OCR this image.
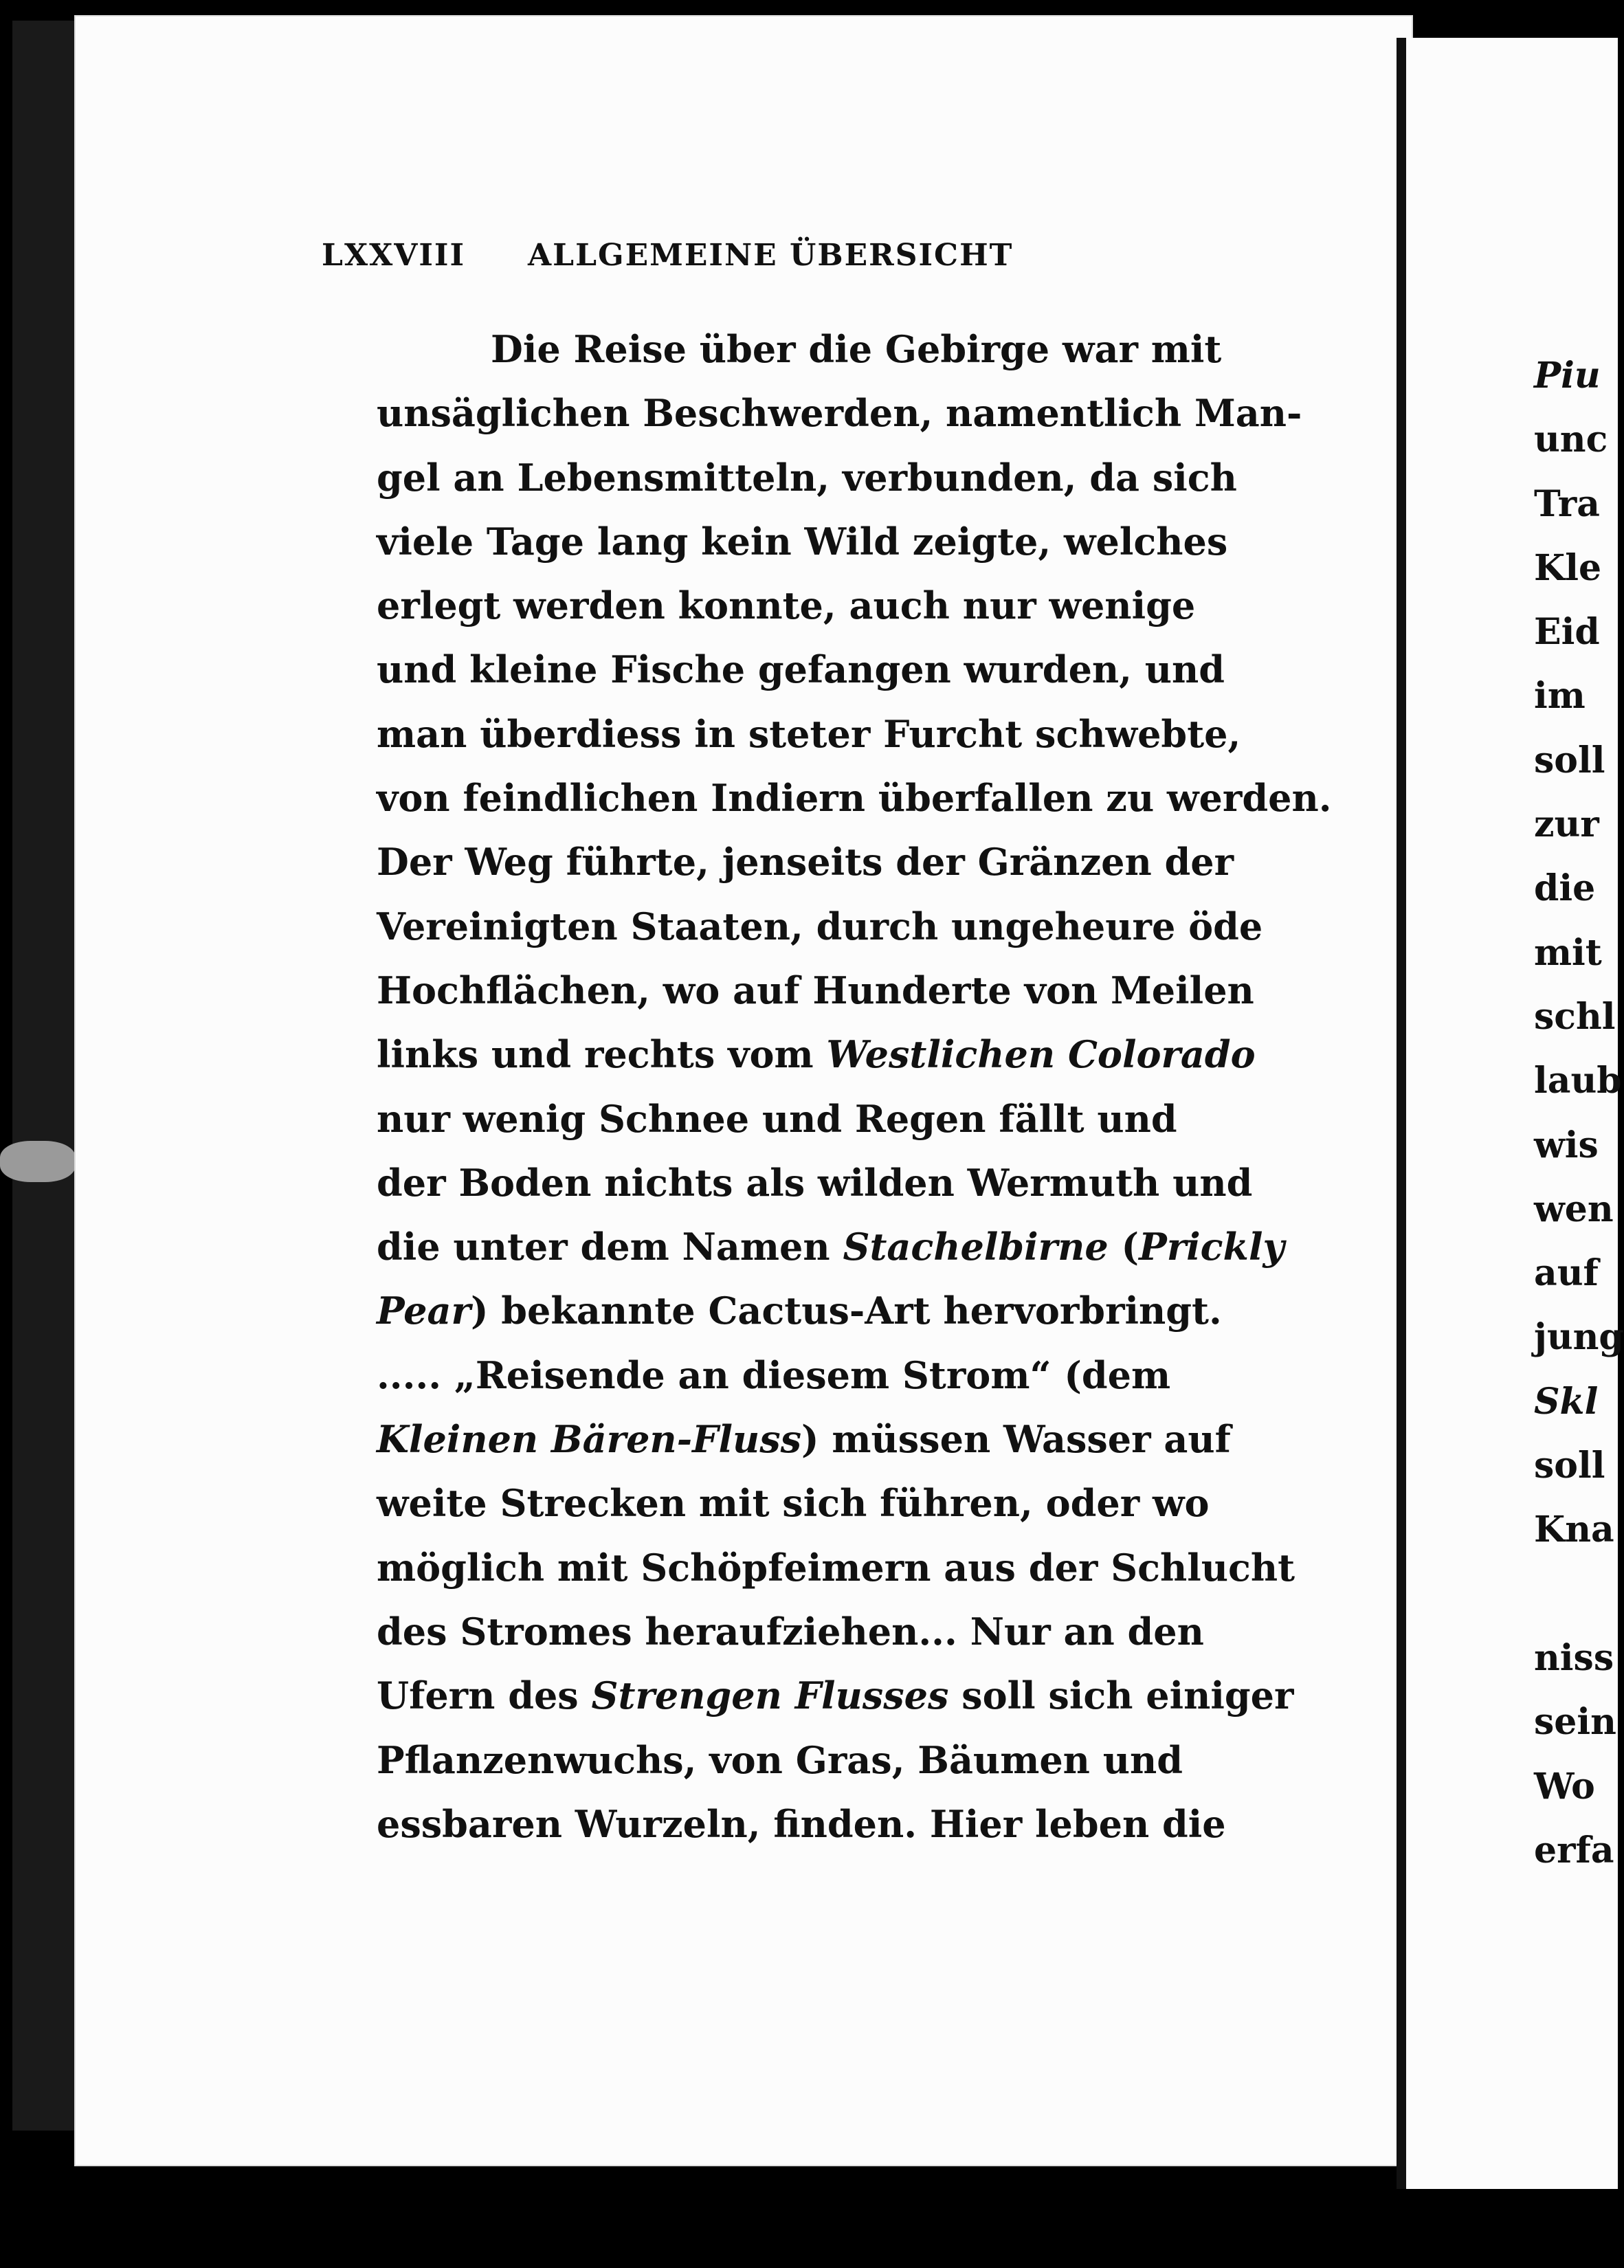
LXXVIII	ALLGEMEINE ÜBERSICHT
Die Reise über die Gebirge war mit
unsäglichen Beschwerden, namentlich Man-
gel an Lebensmitteln, verbunden, da sich
viele Tage lang kein Wild zeigte, welches
erlegt werden konnte, auch nur wenige
und kleine Fische gefangen wurden, und
man überdiess in steter Furcht schwebte,
von feindlichen Indiern überfallen zu werden.
Der Weg führte, jenseits der Gränzen der
Vereinigten Staaten, durch ungeheure öde
Hochflächen, wo auf Hunderte von Meilen
links und rechts vom Westlichen Colorado
nur wenig Schnee und Regen fällt und
der Boden nichts als wilden Wermuth und
die unter dem Namen Stachelbirne (Prickly
Pear) bekannte Cactus-Art hervorbringt.
..... „Reisende an diesem Strom“ (dem
Kleinen Bären-Fluss) müssen Wasser auf
weite Strecken mit sich führen, oder wo
möglich mit Schöpfeimern aus der Schlucht
des Stromes heraufziehen... Nur an den
Ufern des Strengen Flusses soll sich einiger
Pflanzenwuchs, von Gras, Bäumen und
essbaren Wurzeln, finden. Hier leben die
Piu
unc
Tra
Kle
Eid
im
soll
zur
die
mit
schl
laub
wis
wen
auf
jung
Skl
soll
Kna
niss
sein
Wo
erfa
